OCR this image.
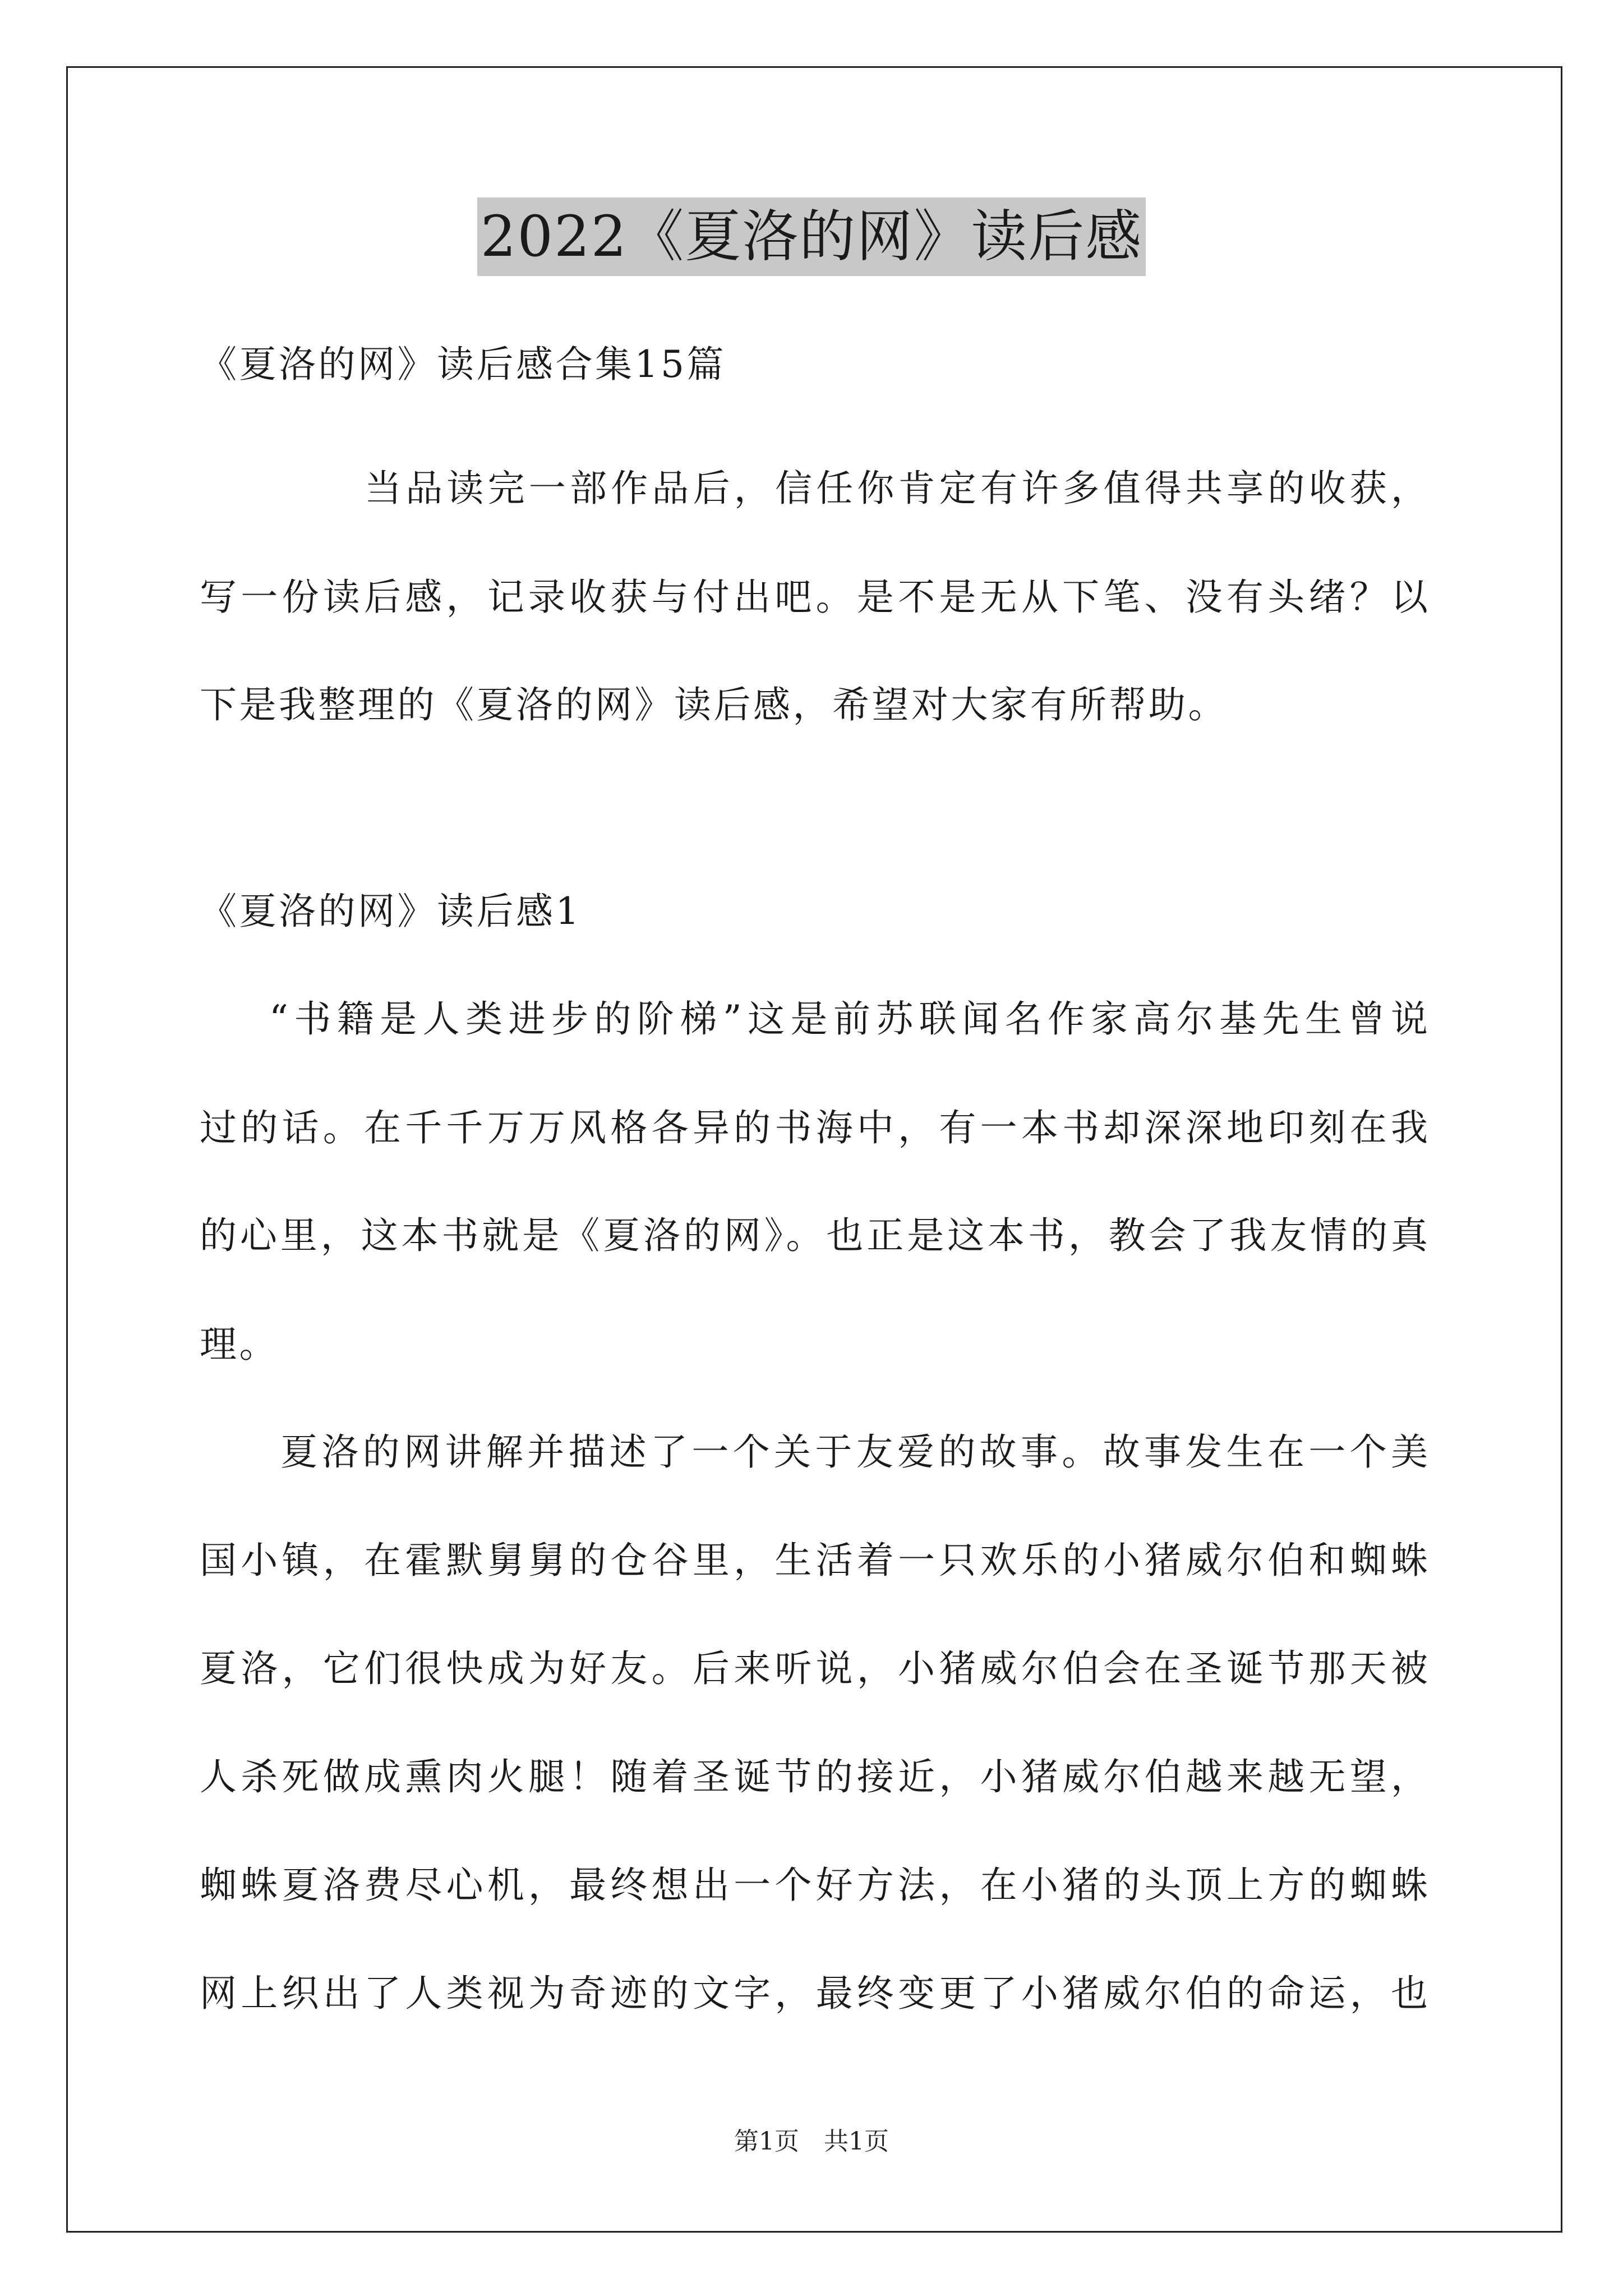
2022《夏洛的网》读后感
《夏洛的网》读后感合集15篇
当品读完一部作品后，信任你肯定有许多值得共享的收获，
写一份读后感，记录收获与付出吧。是不是无从下笔、没有头绪？以
下是我整理的《夏洛的网》读后感，希望对大家有所帮助。
《夏洛的网》读后感1
“书籍是人类进步的阶梯”这是前苏联闻名作家高尔基先生曾说
过的话。在千千万万风格各异的书海中，有一本书却深深地印刻在我
的心里，这本书就是《夏洛的网》。也正是这本书，教会了我友情的真
理。
夏洛的网讲解并描述了一个关于友爱的故事。故事发生在一个美
国小镇，在霍默舅舅的仓谷里，生活着一只欢乐的小猪威尔伯和蜘蛛
夏洛，它们很快成为好友。后来听说，小猪威尔伯会在圣诞节那天被
人杀死做成熏肉火腿！随着圣诞节的接近，小猪威尔伯越来越无望，
蜘蛛夏洛费尽心机，最终想出一个好方法，在小猪的头顶上方的蜘蛛
网上织出了人类视为奇迹的文字，最终变更了小猪威尔伯的命运，也
第1页　共1页
